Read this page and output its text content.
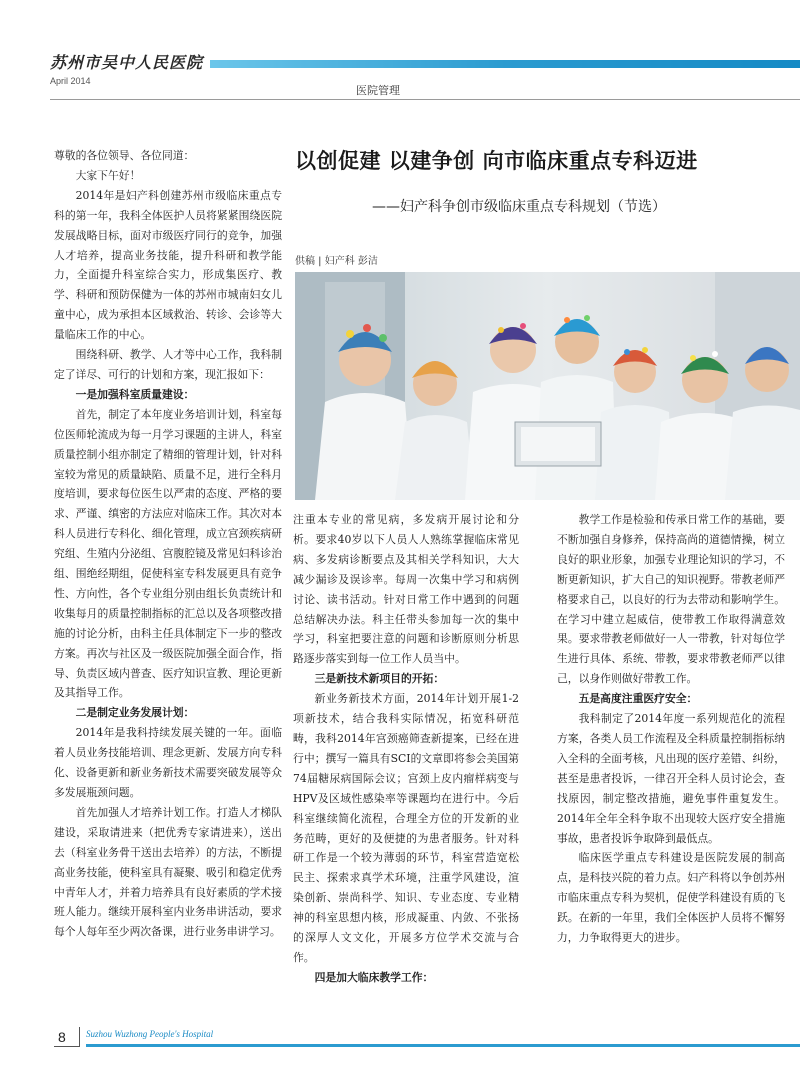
苏州市吴中人民医院
April 2014
医院管理
以创促建 以建争创 向市临床重点专科迈进
——妇产科争创市级临床重点专科规划（节选）
供稿 | 妇产科 彭洁

尊敬的各位领导、各位同道：

大家下午好！

2014年是妇产科创建苏州市级临床重点专科的第一年，我科全体医护人员将紧紧围绕医院发展战略目标，面对市级医疗同行的竞争，加强人才培养，提高业务技能，提升科研和教学能力，全面提升科室综合实力，形成集医疗、教学、科研和预防保健为一体的苏州市城南妇女儿童中心，成为承担本区域救治、转诊、会诊等大量临床工作的中心。

围绕科研、教学、人才等中心工作，我科制定了详尽、可行的计划和方案，现汇报如下：

一是加强科室质量建设：

首先，制定了本年度业务培训计划，科室每位医师轮流成为每一月学习课题的主讲人，科室质量控制小组亦制定了精细的管理计划，针对科室较为常见的质量缺陷、质量不足，进行全科月度培训，要求每位医生以严肃的态度、严格的要求、严谨、缜密的方法应对临床工作。其次对本科人员进行专科化、细化管理，成立宫颈疾病研究组、生殖内分泌组、宫腹腔镜及常见妇科诊治组、围绝经期组，促使科室专科发展更具有竞争性、方向性，各个专业组分别由组长负责统计和收集每月的质量控制指标的汇总以及各项整改措施的讨论分析，由科主任具体制定下一步的整改方案。再次与社区及一级医院加强全面合作，指导、负责区域内普查、医疗知识宣教、理论更新及其指导工作。

二是制定业务发展计划：

2014年是我科持续发展关键的一年。面临着人员业务技能培训、理念更新、发展方向专科化、设备更新和新业务新技术需要突破发展等众多发展瓶颈问题。

首先加强人才培养计划工作。打造人才梯队建设，采取请进来（把优秀专家请进来），送出去（科室业务骨干送出去培养）的方法，不断提高业务技能，使科室具有凝聚、吸引和稳定优秀中青年人才，并着力培养具有良好素质的学术接班人能力。继续开展科室内业务串讲活动，要求每个人每年至少两次备课，进行业务串讲学习。

注重本专业的常见病，多发病开展讨论和分析。要求40岁以下人员人人熟练掌握临床常见病、多发病诊断要点及其相关学科知识，大大减少漏诊及误诊率。每周一次集中学习和病例讨论、读书活动。针对日常工作中遇到的问题总结解决办法。科主任带头参加每一次的集中学习，科室把要注意的问题和诊断原则分析思路逐步落实到每一位工作人员当中。

三是新技术新项目的开拓：

新业务新技术方面，2014年计划开展1-2项新技术，结合我科实际情况，拓宽科研范畴，我科2014年宫颈癌筛查新提案，已经在进行中；撰写一篇具有SCI的文章即将参会美国第74届糖尿病国际会议；宫颈上皮内瘤样病变与HPV及区域性感染率等课题均在进行中。今后科室继续简化流程，合理全方位的开发新的业务范畴，更好的及便捷的为患者服务。针对科研工作是一个较为薄弱的环节，科室营造宽松民主、探索求真学术环境，注重学风建设，渲染创新、崇尚科学、知识、专业态度、专业精神的科室思想内核，形成凝重、内敛、不张扬的深厚人文文化，开展多方位学术交流与合作。

四是加大临床教学工作：

教学工作是检验和传承日常工作的基础，要不断加强自身修养，保持高尚的道德情操，树立良好的职业形象，加强专业理论知识的学习，不断更新知识，扩大自己的知识视野。带教老师严格要求自己，以良好的行为去带动和影响学生。在学习中建立起威信，使带教工作取得满意效果。要求带教老师做好一人一带教，针对每位学生进行具体、系统、带教，要求带教老师严以律己，以身作则做好带教工作。

五是高度注重医疗安全：

我科制定了2014年度一系列规范化的流程方案，各类人员工作流程及全科质量控制指标纳入全科的全面考核，凡出现的医疗差错、纠纷，甚至是患者投诉，一律召开全科人员讨论会，查找原因，制定整改措施，避免事件重复发生。2014年全年全科争取不出现较大医疗安全措施事故，患者投诉争取降到最低点。

临床医学重点专科建设是医院发展的制高点，是科技兴院的着力点。妇产科将以争创苏州市临床重点专科为契机，促使学科建设有质的飞跃。在新的一年里，我们全体医护人员将不懈努力，力争取得更大的进步。

8	Suzhou Wuzhong People's Hospital
